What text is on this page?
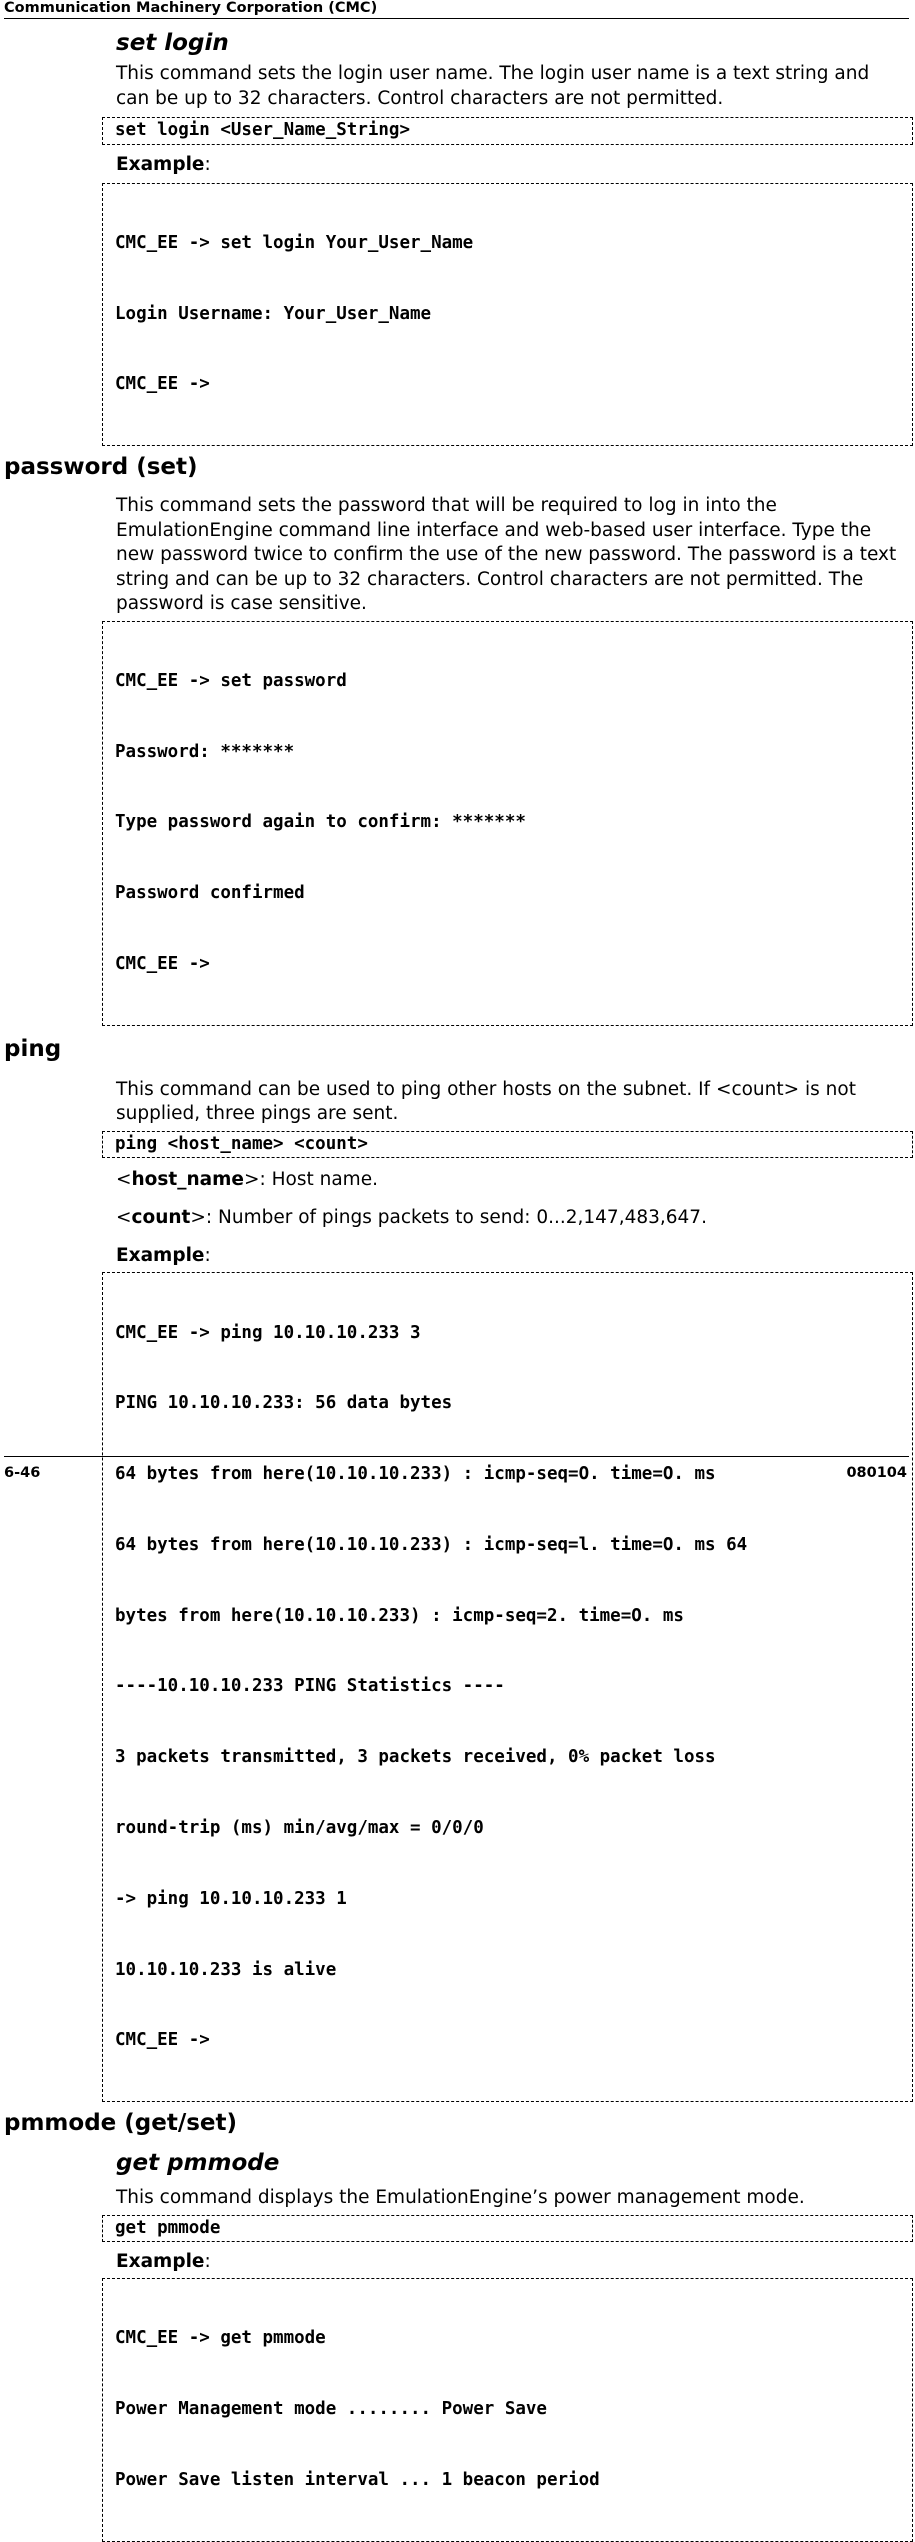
Communication Machinery Corporation (CMC)
set login
This command sets the login user name. The login user name is a text string and can be up to 32 characters. Control characters are not permitted.
set login <User_Name_String>
Example:

CMC_EE -> set login Your_User_Name

Login Username: Your_User_Name

CMC_EE ->

password (set)
This command sets the password that will be required to log in into the EmulationEngine command line interface and web-based user interface. Type the new password twice to confirm the use of the new password. The password is a text string and can be up to 32 characters. Control characters are not permitted. The password is case sensitive.

CMC_EE -> set password

Password: *******

Type password again to confirm: *******

Password confirmed

CMC_EE ->

ping
This command can be used to ping other hosts on the subnet. If <count> is not supplied, three pings are sent.
ping <host_name> <count>
<host_name>: Host name.
<count>: Number of pings packets to send: 0...2,147,483,647.
Example:

CMC_EE -> ping 10.10.10.233 3

PING 10.10.10.233: 56 data bytes

64 bytes from here(10.10.10.233) : icmp-seq=O. time=O. ms

64 bytes from here(10.10.10.233) : icmp-seq=l. time=O. ms 64

bytes from here(10.10.10.233) : icmp-seq=2. time=O. ms

----10.10.10.233 PING Statistics ----

3 packets transmitted, 3 packets received, 0% packet loss

round-trip (ms) min/avg/max = 0/0/0

-> ping 10.10.10.233 1

10.10.10.233 is alive

CMC_EE ->

pmmode (get/set)
get pmmode
This command displays the EmulationEngine’s power management mode.
get pmmode
Example:

CMC_EE -> get pmmode

Power Management mode ........ Power Save

Power Save listen interval ... 1 beacon period

6-46	080104
